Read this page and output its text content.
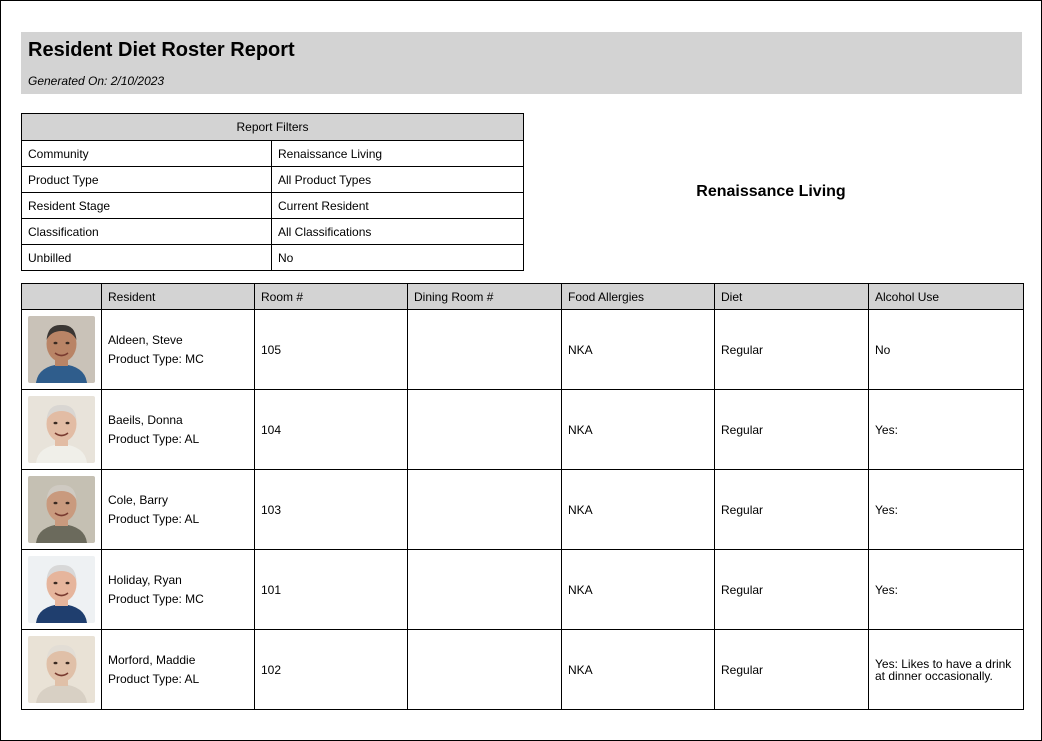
Resident Diet Roster Report
Generated On: 2/10/2023
Report Filters	
Community	Renaissance Living
Product Type	All Product Types
Resident Stage	Current Resident
Classification	All Classifications
Unbilled	No
Renaissance Living
	Resident	Room #	Dining Room #	Food Allergies	Diet	Alcohol Use

Aldeen, Steve
Product Type: MC	105		NKA	Regular	No

Baeils, Donna
Product Type: AL	104		NKA	Regular	Yes:

Cole, Barry
Product Type: AL	103		NKA	Regular	Yes:

Holiday, Ryan
Product Type: MC	101		NKA	Regular	Yes:

Morford, Maddie
Product Type: AL	102		NKA	Regular	Yes: Likes to have a drink at dinner occasionally.
